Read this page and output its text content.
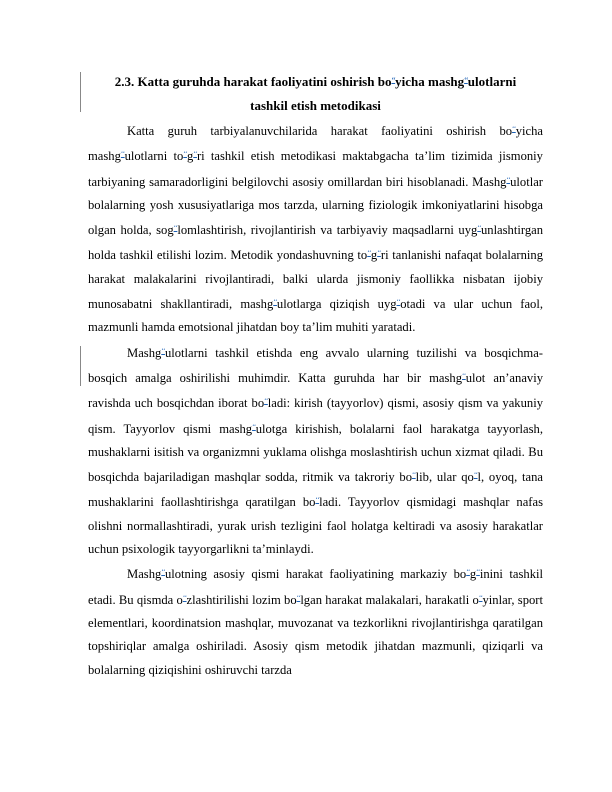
2.3. Katta guruhda harakat faoliyatini oshirish $bo^{ʻʻ}yicha$ mashg$^{ʻʻ}$ulotlarni
tashkil etish metodikasi

Katta guruh tarbiyalanuvchilarida harakat faoliyatini oshirish $bo^{ʻʻ}yicha$ mashg$^{ʻʻ}$ulotlarni $to^{ʻʻ}g^{ʻʻ}ri$ tashkil etish metodikasi maktabgacha ta’lim tizimida jismoniy tarbiyaning samaradorligini belgilovchi asosiy omillardan biri hisoblanadi. Mashg$^{ʻʻ}$ulotlar bolalarning yosh xususiyatlariga mos tarzda, ularning fiziologik imkoniyatlarini hisobga olgan holda, sog$^{ʻʻ}$lomlashtirish, rivojlantirish va tarbiyaviy maqsadlarni uyg$^{ʻʻ}$unlashtirgan holda tashkil etilishi lozim. Metodik yondashuvning $to^{ʻʻ}g^{ʻʻ}ri$ tanlanishi nafaqat bolalarning harakat malakalarini rivojlantiradi, balki ularda jismoniy faollikka nisbatan ijobiy munosabatni shakllantiradi, mashg$^{ʻʻ}$ulotlarga qiziqish uyg$^{ʻʻ}$otadi va ular uchun faol, mazmunli hamda emotsional jihatdan boy ta’lim muhiti yaratadi.

Mashg$^{ʻʻ}$ulotlarni tashkil etishda eng avvalo ularning tuzilishi va bosqichma-bosqich amalga oshirilishi muhimdir. Katta guruhda har bir mashg$^{ʻʻ}$ulot an’anaviy ravishda uch bosqichdan iborat $bo^{ʻʻ}ladi$: kirish (tayyorlov) qismi, asosiy qism va yakuniy qism. Tayyorlov qismi mashg$^{ʻʻ}$ulotga kirishish, bolalarni faol harakatga tayyorlash, mushaklarni isitish va organizmni yuklama olishga moslashtirish uchun xizmat qiladi. Bu bosqichda bajariladigan mashqlar sodda, ritmik va takroriy $bo^{ʻʻ}lib$, ular $qo^{ʻʻ}l$, oyoq, tana mushaklarini faollashtirishga qaratilgan $bo^{ʻʻ}ladi$. Tayyorlov qismidagi mashqlar nafas olishni normallashtiradi, yurak urish tezligini faol holatga keltiradi va asosiy harakatlar uchun psixologik tayyorgarlikni ta’minlaydi.

Mashg$^{ʻʻ}$ulotning asosiy qismi harakat faoliyatining markaziy $bo^{ʻʻ}g^{ʻʻ}inini$ tashkil etadi. Bu qismda $o^{ʻʻ}zlashtirilishi$ lozim $bo^{ʻʻ}lgan$ harakat malakalari, harakatli $o^{ʻʻ}yinlar$, sport elementlari, koordinatsion mashqlar, muvozanat va tezkorlikni rivojlantirishga qaratilgan topshiriqlar amalga oshiriladi. Asosiy qism metodik jihatdan mazmunli, qiziqarli va bolalarning qiziqishini oshiruvchi tarzda
